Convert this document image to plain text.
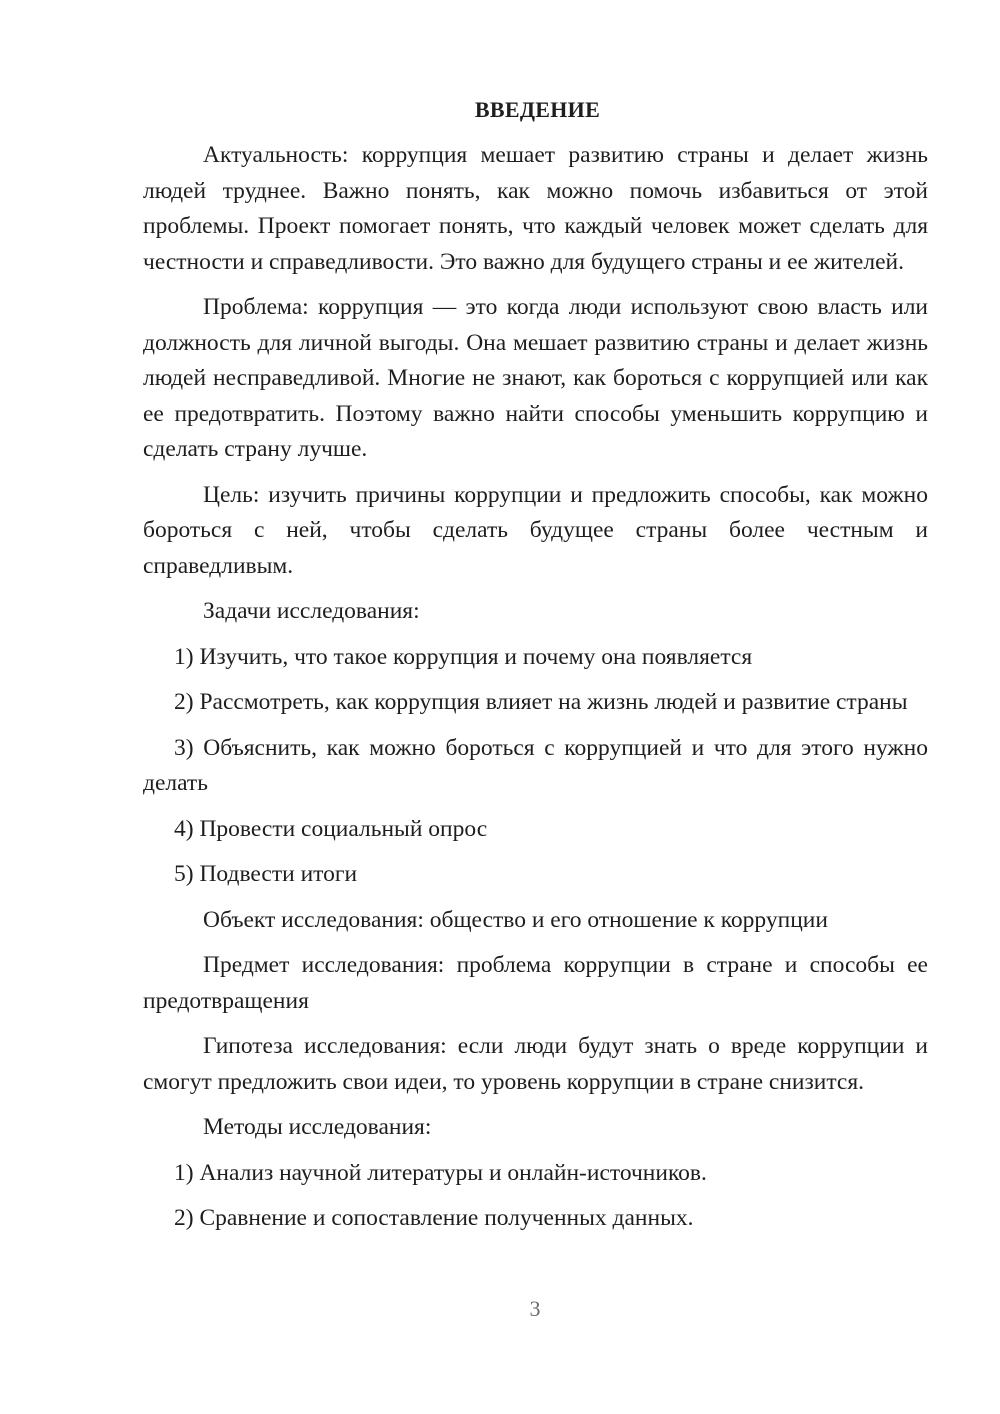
ВВЕДЕНИЕ

Актуальность: коррупция мешает развитию страны и делает жизнь людей труднее. Важно понять, как можно помочь избавиться от этой проблемы. Проект помогает понять, что каждый человек может сделать для честности и справедливости. Это важно для будущего страны и ее жителей.

Проблема: коррупция — это когда люди используют свою власть или должность для личной выгоды. Она мешает развитию страны и делает жизнь людей несправедливой. Многие не знают, как бороться с коррупцией или как ее предотвратить. Поэтому важно найти способы уменьшить коррупцию и сделать страну лучше.

Цель: изучить причины коррупции и предложить способы, как можно бороться с ней, чтобы сделать будущее страны более честным и справедливым.

Задачи исследования:

1) Изучить, что такое коррупция и почему она появляется

2) Рассмотреть, как коррупция влияет на жизнь людей и развитие страны

3) Объяснить, как можно бороться с коррупцией и что для этого нужно делать

4) Провести социальный опрос

5) Подвести итоги

Объект исследования: общество и его отношение к коррупции

Предмет исследования: проблема коррупции в стране и способы ее предотвращения

Гипотеза исследования: если люди будут знать о вреде коррупции и смогут предложить свои идеи, то уровень коррупции в стране снизится.

Методы исследования:

1) Анализ научной литературы и онлайн-источников.

2) Сравнение и сопоставление полученных данных.

3
